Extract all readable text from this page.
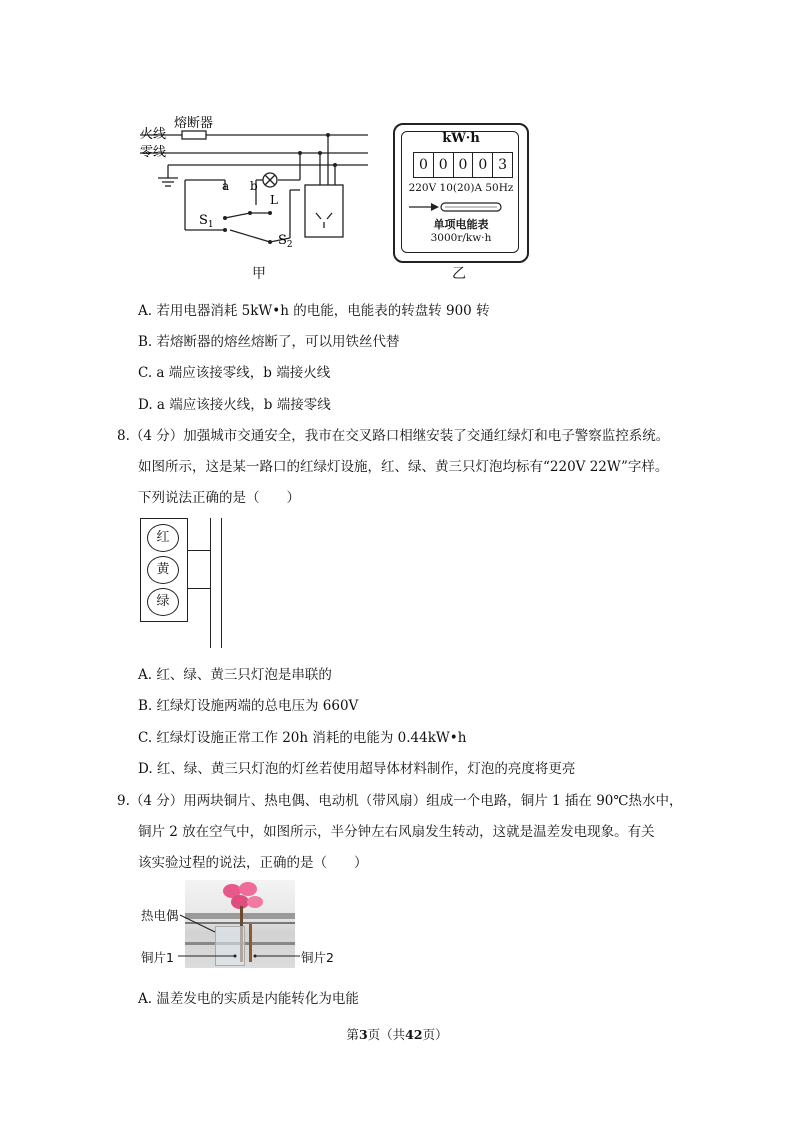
熔断器
火线
零线
a b
L
$S_1$
$S_2$
甲
kW·h
0 0 0 0 3
220V 10(20)A 50Hz
单项电能表
3000r/kw·h
乙
A. 若用电器消耗 5kW•h 的电能，电能表的转盘转 900 转
B. 若熔断器的熔丝熔断了，可以用铁丝代替
C. a 端应该接零线，b 端接火线
D. a 端应该接火线，b 端接零线
8.（4 分）加强城市交通安全，我市在交叉路口相继安装了交通红绿灯和电子警察监控系统。
如图所示，这是某一路口的红绿灯设施，红、绿、黄三只灯泡均标有“220V 22W”字样。
下列说法正确的是（　　）
红
黄
绿
A. 红、绿、黄三只灯泡是串联的
B. 红绿灯设施两端的总电压为 660V
C. 红绿灯设施正常工作 20h 消耗的电能为 0.44kW•h
D. 红、绿、黄三只灯泡的灯丝若使用超导体材料制作，灯泡的亮度将更亮
9.（4 分）用两块铜片、热电偶、电动机（带风扇）组成一个电路，铜片 1 插在 90℃热水中，
铜片 2 放在空气中，如图所示，半分钟左右风扇发生转动，这就是温差发电现象。有关
该实验过程的说法，正确的是（　　）
热电偶
铜片1	铜片2
A. 温差发电的实质是内能转化为电能
第3页（共42页）
